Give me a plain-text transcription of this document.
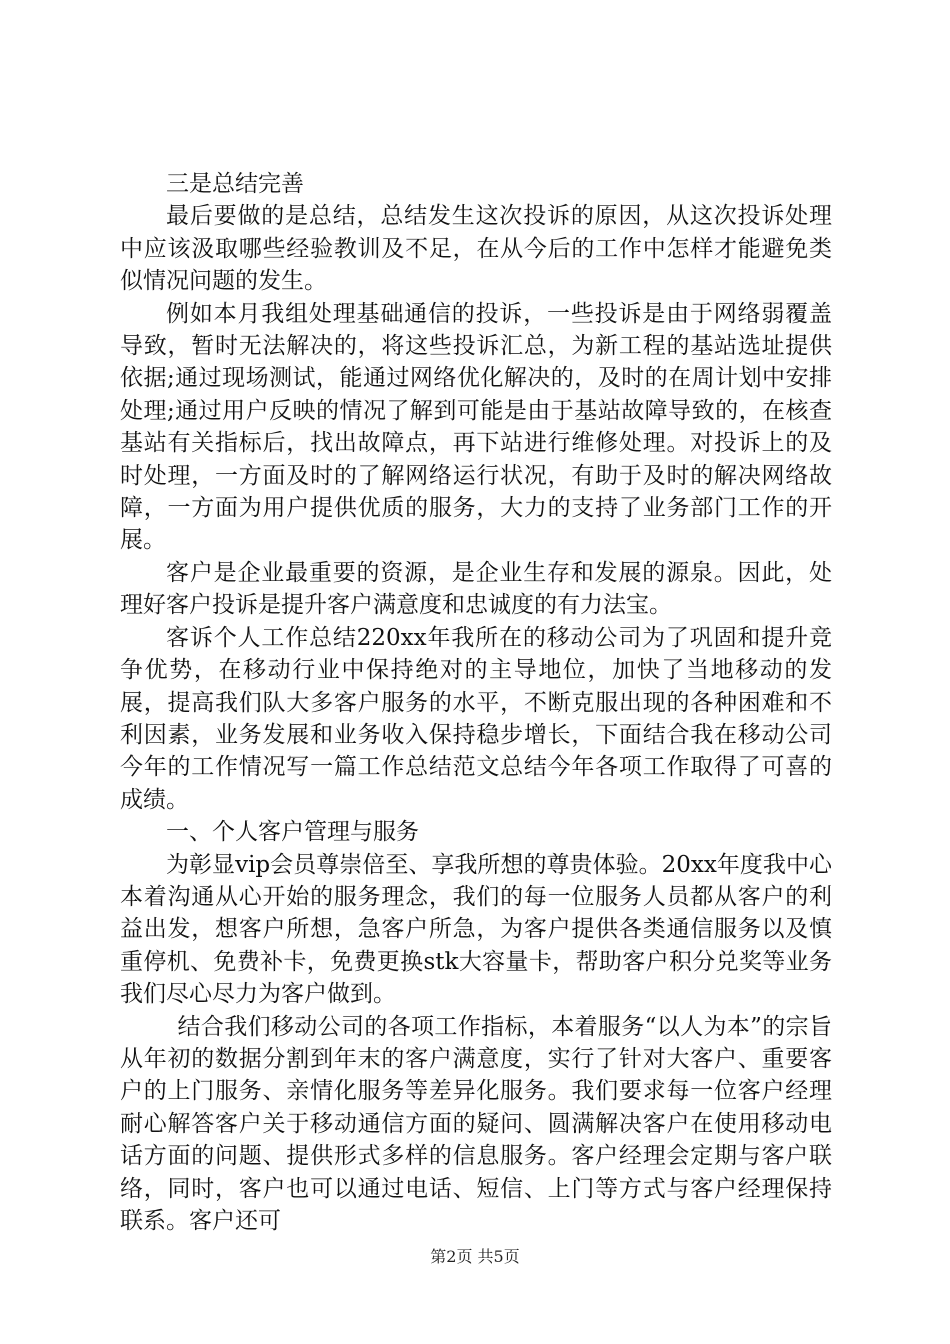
三是总结完善

最后要做的是总结，总结发生这次投诉的原因，从这次投诉处理中应该汲取哪些经验教训及不足，在从今后的工作中怎样才能避免类似情况问题的发生。

例如本月我组处理基础通信的投诉，一些投诉是由于网络弱覆盖导致，暂时无法解决的，将这些投诉汇总，为新工程的基站选址提供依据;通过现场测试，能通过网络优化解决的，及时的在周计划中安排处理;通过用户反映的情况了解到可能是由于基站故障导致的，在核查基站有关指标后，找出故障点，再下站进行维修处理。对投诉上的及时处理，一方面及时的了解网络运行状况，有助于及时的解决网络故障，一方面为用户提供优质的服务，大力的支持了业务部门工作的开展。

客户是企业最重要的资源，是企业生存和发展的源泉。因此，处理好客户投诉是提升客户满意度和忠诚度的有力法宝。

客诉个人工作总结220xx年我所在的移动公司为了巩固和提升竞争优势，在移动行业中保持绝对的主导地位，加快了当地移动的发展，提高我们队大多客户服务的水平，不断克服出现的各种困难和不利因素，业务发展和业务收入保持稳步增长，下面结合我在移动公司今年的工作情况写一篇工作总结范文总结今年各项工作取得了可喜的成绩。

一、个人客户管理与服务

为彰显vip会员尊崇倍至、享我所想的尊贵体验。20xx年度我中心本着沟通从心开始的服务理念，我们的每一位服务人员都从客户的利益出发，想客户所想，急客户所急，为客户提供各类通信服务以及慎重停机、免费补卡，免费更换stk大容量卡，帮助客户积分兑奖等业务我们尽心尽力为客户做到。

结合我们移动公司的各项工作指标，本着服务“以人为本”的宗旨从年初的数据分割到年末的客户满意度，实行了针对大客户、重要客户的上门服务、亲情化服务等差异化服务。我们要求每一位客户经理耐心解答客户关于移动通信方面的疑问、圆满解决客户在使用移动电话方面的问题、提供形式多样的信息服务。客户经理会定期与客户联络，同时，客户也可以通过电话、短信、上门等方式与客户经理保持联系。客户还可

第2页 共5页
